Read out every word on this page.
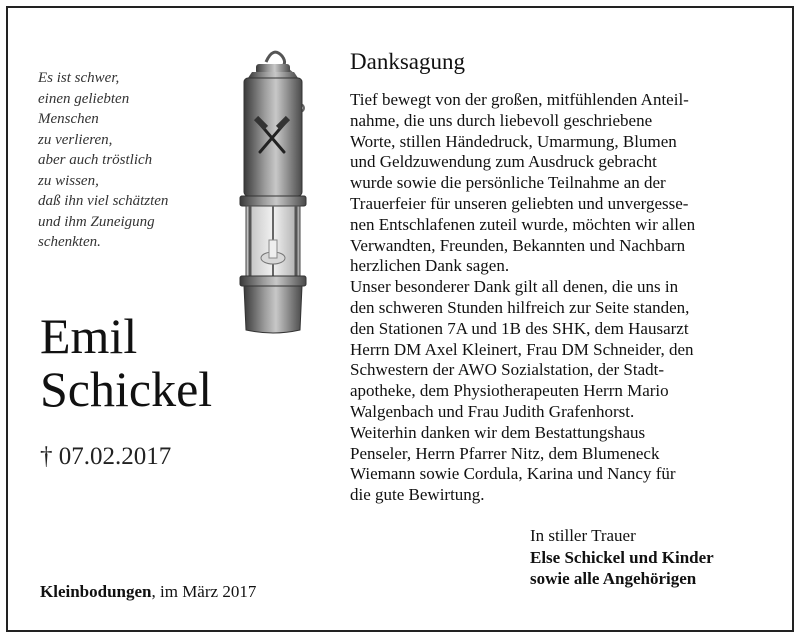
Es ist schwer,
einen geliebten
Menschen
zu verlieren,
aber auch tröstlich
zu wissen,
daß ihn viel schätzten
und ihm Zuneigung
schenkten.
Emil
Schickel
† 07.02.2017
Kleinbodungen, im März 2017
Danksagung
Tief bewegt von der großen, mitfühlenden Anteil-
nahme, die uns durch liebevoll geschriebene
Worte, stillen Händedruck, Umarmung, Blumen
und Geldzuwendung zum Ausdruck gebracht
wurde sowie die persönliche Teilnahme an der
Trauerfeier für unseren geliebten und unvergesse-
nen Entschlafenen zuteil wurde, möchten wir allen
Verwandten, Freunden, Bekannten und Nachbarn
herzlichen Dank sagen.
Unser besonderer Dank gilt all denen, die uns in
den schweren Stunden hilfreich zur Seite standen,
den Stationen 7A und 1B des SHK, dem Hausarzt
Herrn DM Axel Kleinert, Frau DM Schneider, den
Schwestern der AWO Sozialstation, der Stadt-
apotheke, dem Physiotherapeuten Herrn Mario
Walgenbach und Frau Judith Grafenhorst.
Weiterhin danken wir dem Bestattungshaus
Penseler, Herrn Pfarrer Nitz, dem Blumeneck
Wiemann sowie Cordula, Karina und Nancy für
die gute Bewirtung.
In stiller Trauer
Else Schickel und Kinder
sowie alle Angehörigen
